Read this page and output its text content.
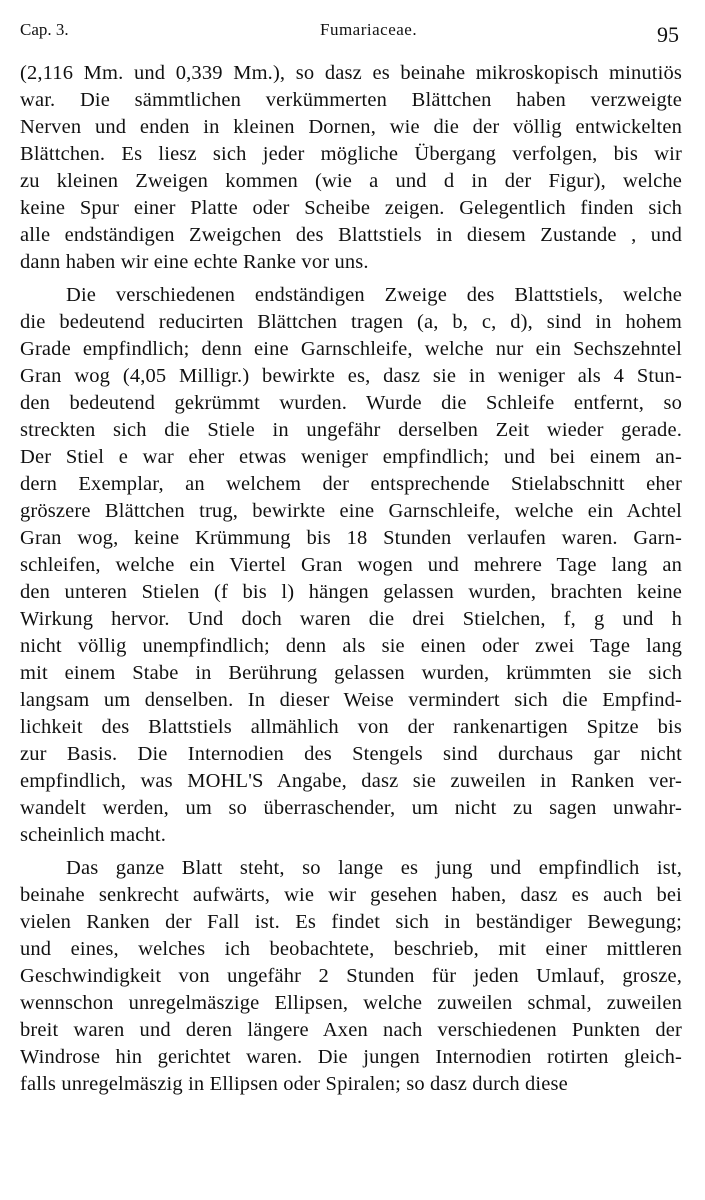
Cap. 3.	Fumariaceae.	95
(2,116 Mm. und 0,339 Mm.), so dasz es beinahe mikroskopisch minutiös
war. Die sämmtlichen verkümmerten Blättchen haben verzweigte
Nerven und enden in kleinen Dornen, wie die der völlig entwickelten
Blättchen. Es liesz sich jeder mögliche Übergang verfolgen, bis wir
zu kleinen Zweigen kommen (wie a und d in der Figur), welche
keine Spur einer Platte oder Scheibe zeigen. Gelegentlich finden sich
alle endständigen Zweigchen des Blattstiels in diesem Zustande , und
dann haben wir eine echte Ranke vor uns.
Die verschiedenen endständigen Zweige des Blattstiels, welche
die bedeutend reducirten Blättchen tragen (a, b, c, d), sind in hohem
Grade empfindlich; denn eine Garnschleife, welche nur ein Sechszehntel
Gran wog (4,05 Milligr.) bewirkte es, dasz sie in weniger als 4 Stun-
den bedeutend gekrümmt wurden. Wurde die Schleife entfernt, so
streckten sich die Stiele in ungefähr derselben Zeit wieder gerade.
Der Stiel e war eher etwas weniger empfindlich; und bei einem an-
dern Exemplar, an welchem der entsprechende Stielabschnitt eher
gröszere Blättchen trug, bewirkte eine Garnschleife, welche ein Achtel
Gran wog, keine Krümmung bis 18 Stunden verlaufen waren. Garn-
schleifen, welche ein Viertel Gran wogen und mehrere Tage lang an
den unteren Stielen (f bis l) hängen gelassen wurden, brachten keine
Wirkung hervor. Und doch waren die drei Stielchen, f, g und h
nicht völlig unempfindlich; denn als sie einen oder zwei Tage lang
mit einem Stabe in Berührung gelassen wurden, krümmten sie sich
langsam um denselben. In dieser Weise vermindert sich die Empfind-
lichkeit des Blattstiels allmählich von der rankenartigen Spitze bis
zur Basis. Die Internodien des Stengels sind durchaus gar nicht
empfindlich, was MOHL'S Angabe, dasz sie zuweilen in Ranken ver-
wandelt werden, um so überraschender, um nicht zu sagen unwahr-
scheinlich macht.
Das ganze Blatt steht, so lange es jung und empfindlich ist,
beinahe senkrecht aufwärts, wie wir gesehen haben, dasz es auch bei
vielen Ranken der Fall ist. Es findet sich in beständiger Bewegung;
und eines, welches ich beobachtete, beschrieb, mit einer mittleren
Geschwindigkeit von ungefähr 2 Stunden für jeden Umlauf, grosze,
wennschon unregelmäszige Ellipsen, welche zuweilen schmal, zuweilen
breit waren und deren längere Axen nach verschiedenen Punkten der
Windrose hin gerichtet waren. Die jungen Internodien rotirten gleich-
falls unregelmäszig in Ellipsen oder Spiralen; so dasz durch diese
